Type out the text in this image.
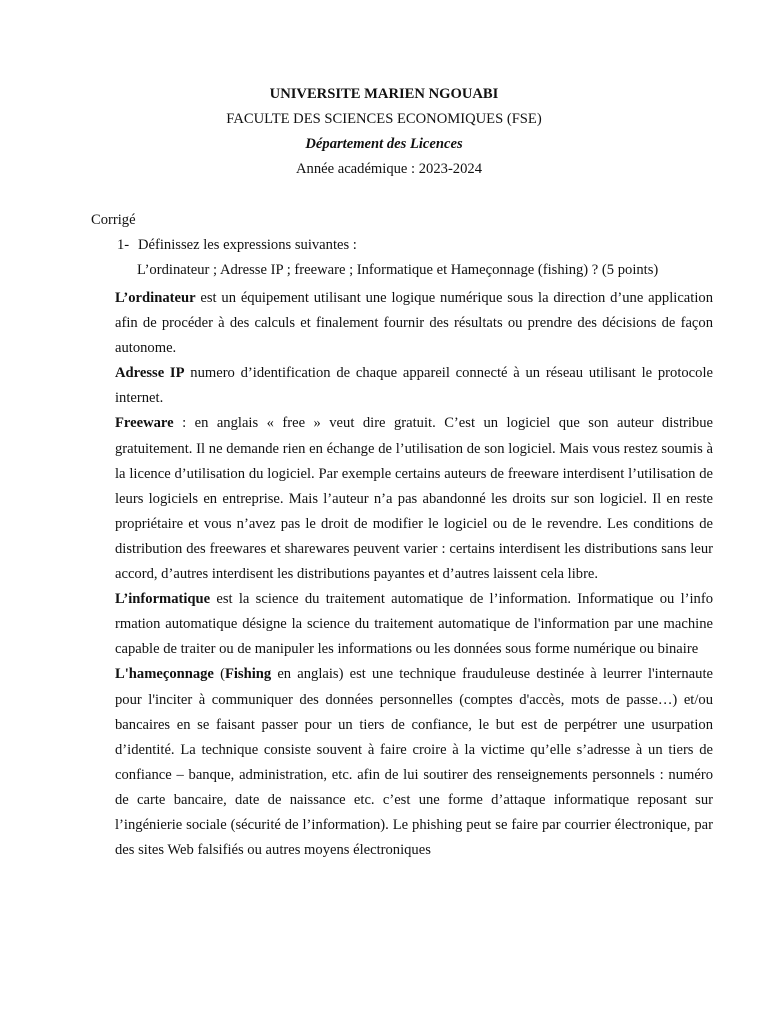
UNIVERSITE MARIEN NGOUABI
FACULTE DES SCIENCES ECONOMIQUES (FSE)
Département des Licences
Année académique : 2023-2024
Corrigé
1- Définissez les expressions suivantes :
L’ordinateur ; Adresse IP ; freeware ; Informatique et Hameçonnage (fishing) ? (5 points)

L’ordinateur est un équipement utilisant une logique numérique sous la direction d’une application afin de procéder à des calculs et finalement fournir des résultats ou prendre des décisions de façon autonome.

Adresse IP numero d’identification de chaque appareil connecté à un réseau utilisant le protocole internet.

Freeware : en anglais « free » veut dire gratuit. C’est un logiciel que son auteur distribue gratuitement. Il ne demande rien en échange de l’utilisation de son logiciel. Mais vous restez soumis à la licence d’utilisation du logiciel. Par exemple certains auteurs de freeware interdisent l’utilisation de leurs logiciels en entreprise. Mais l’auteur n’a pas abandonné les droits sur son logiciel. Il en reste propriétaire et vous n’avez pas le droit de modifier le logiciel ou de le revendre. Les conditions de distribution des freewares et sharewares peuvent varier : certains interdisent les distributions sans leur accord, d’autres interdisent les distributions payantes et d’autres laissent cela libre.

L’informatique est la science du traitement automatique de l’information. Informatique ou l’info rmation automatique désigne la science du traitement automatique de l'information par une machine capable de traiter ou de manipuler les informations ou les données sous forme numérique ou binaire

L'hameçonnage (Fishing en anglais) est une technique frauduleuse destinée à leurrer l'internaute pour l'inciter à communiquer des données personnelles (comptes d'accès, mots de passe…) et/ou bancaires en se faisant passer pour un tiers de confiance, le but est de perpétrer une usurpation d’identité. La technique consiste souvent à faire croire à la victime qu’elle s’adresse à un tiers de confiance – banque, administration, etc. afin de lui soutirer des renseignements personnels : numéro de carte bancaire, date de naissance etc. c’est une forme d’attaque informatique reposant sur l’ingénierie sociale (sécurité de l’information). Le phishing peut se faire par courrier électronique, par des sites Web falsifiés ou autres moyens électroniques
